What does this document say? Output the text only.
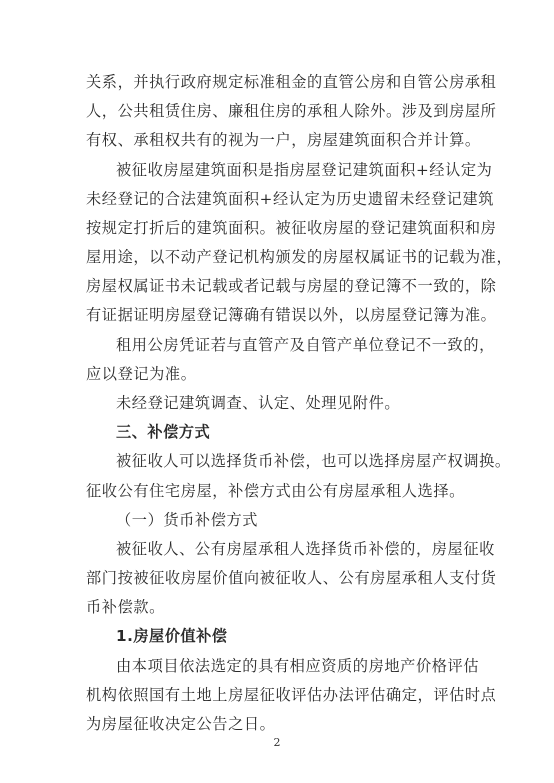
关系，并执行政府规定标准租金的直管公房和自管公房承租
人，公共租赁住房、廉租住房的承租人除外。涉及到房屋所
有权、承租权共有的视为一户，房屋建筑面积合并计算。
被征收房屋建筑面积是指房屋登记建筑面积+经认定为
未经登记的合法建筑面积+经认定为历史遗留未经登记建筑
按规定打折后的建筑面积。被征收房屋的登记建筑面积和房
屋用途，以不动产登记机构颁发的房屋权属证书的记载为准，
房屋权属证书未记载或者记载与房屋的登记簿不一致的，除
有证据证明房屋登记簿确有错误以外，以房屋登记簿为准。
租用公房凭证若与直管产及自管产单位登记不一致的，
应以登记为准。
未经登记建筑调查、认定、处理见附件。
三、补偿方式
被征收人可以选择货币补偿，也可以选择房屋产权调换。
征收公有住宅房屋，补偿方式由公有房屋承租人选择。
（一）货币补偿方式
被征收人、公有房屋承租人选择货币补偿的，房屋征收
部门按被征收房屋价值向被征收人、公有房屋承租人支付货
币补偿款。
1.房屋价值补偿
由本项目依法选定的具有相应资质的房地产价格评估
机构依照国有土地上房屋征收评估办法评估确定，评估时点
为房屋征收决定公告之日。
2
